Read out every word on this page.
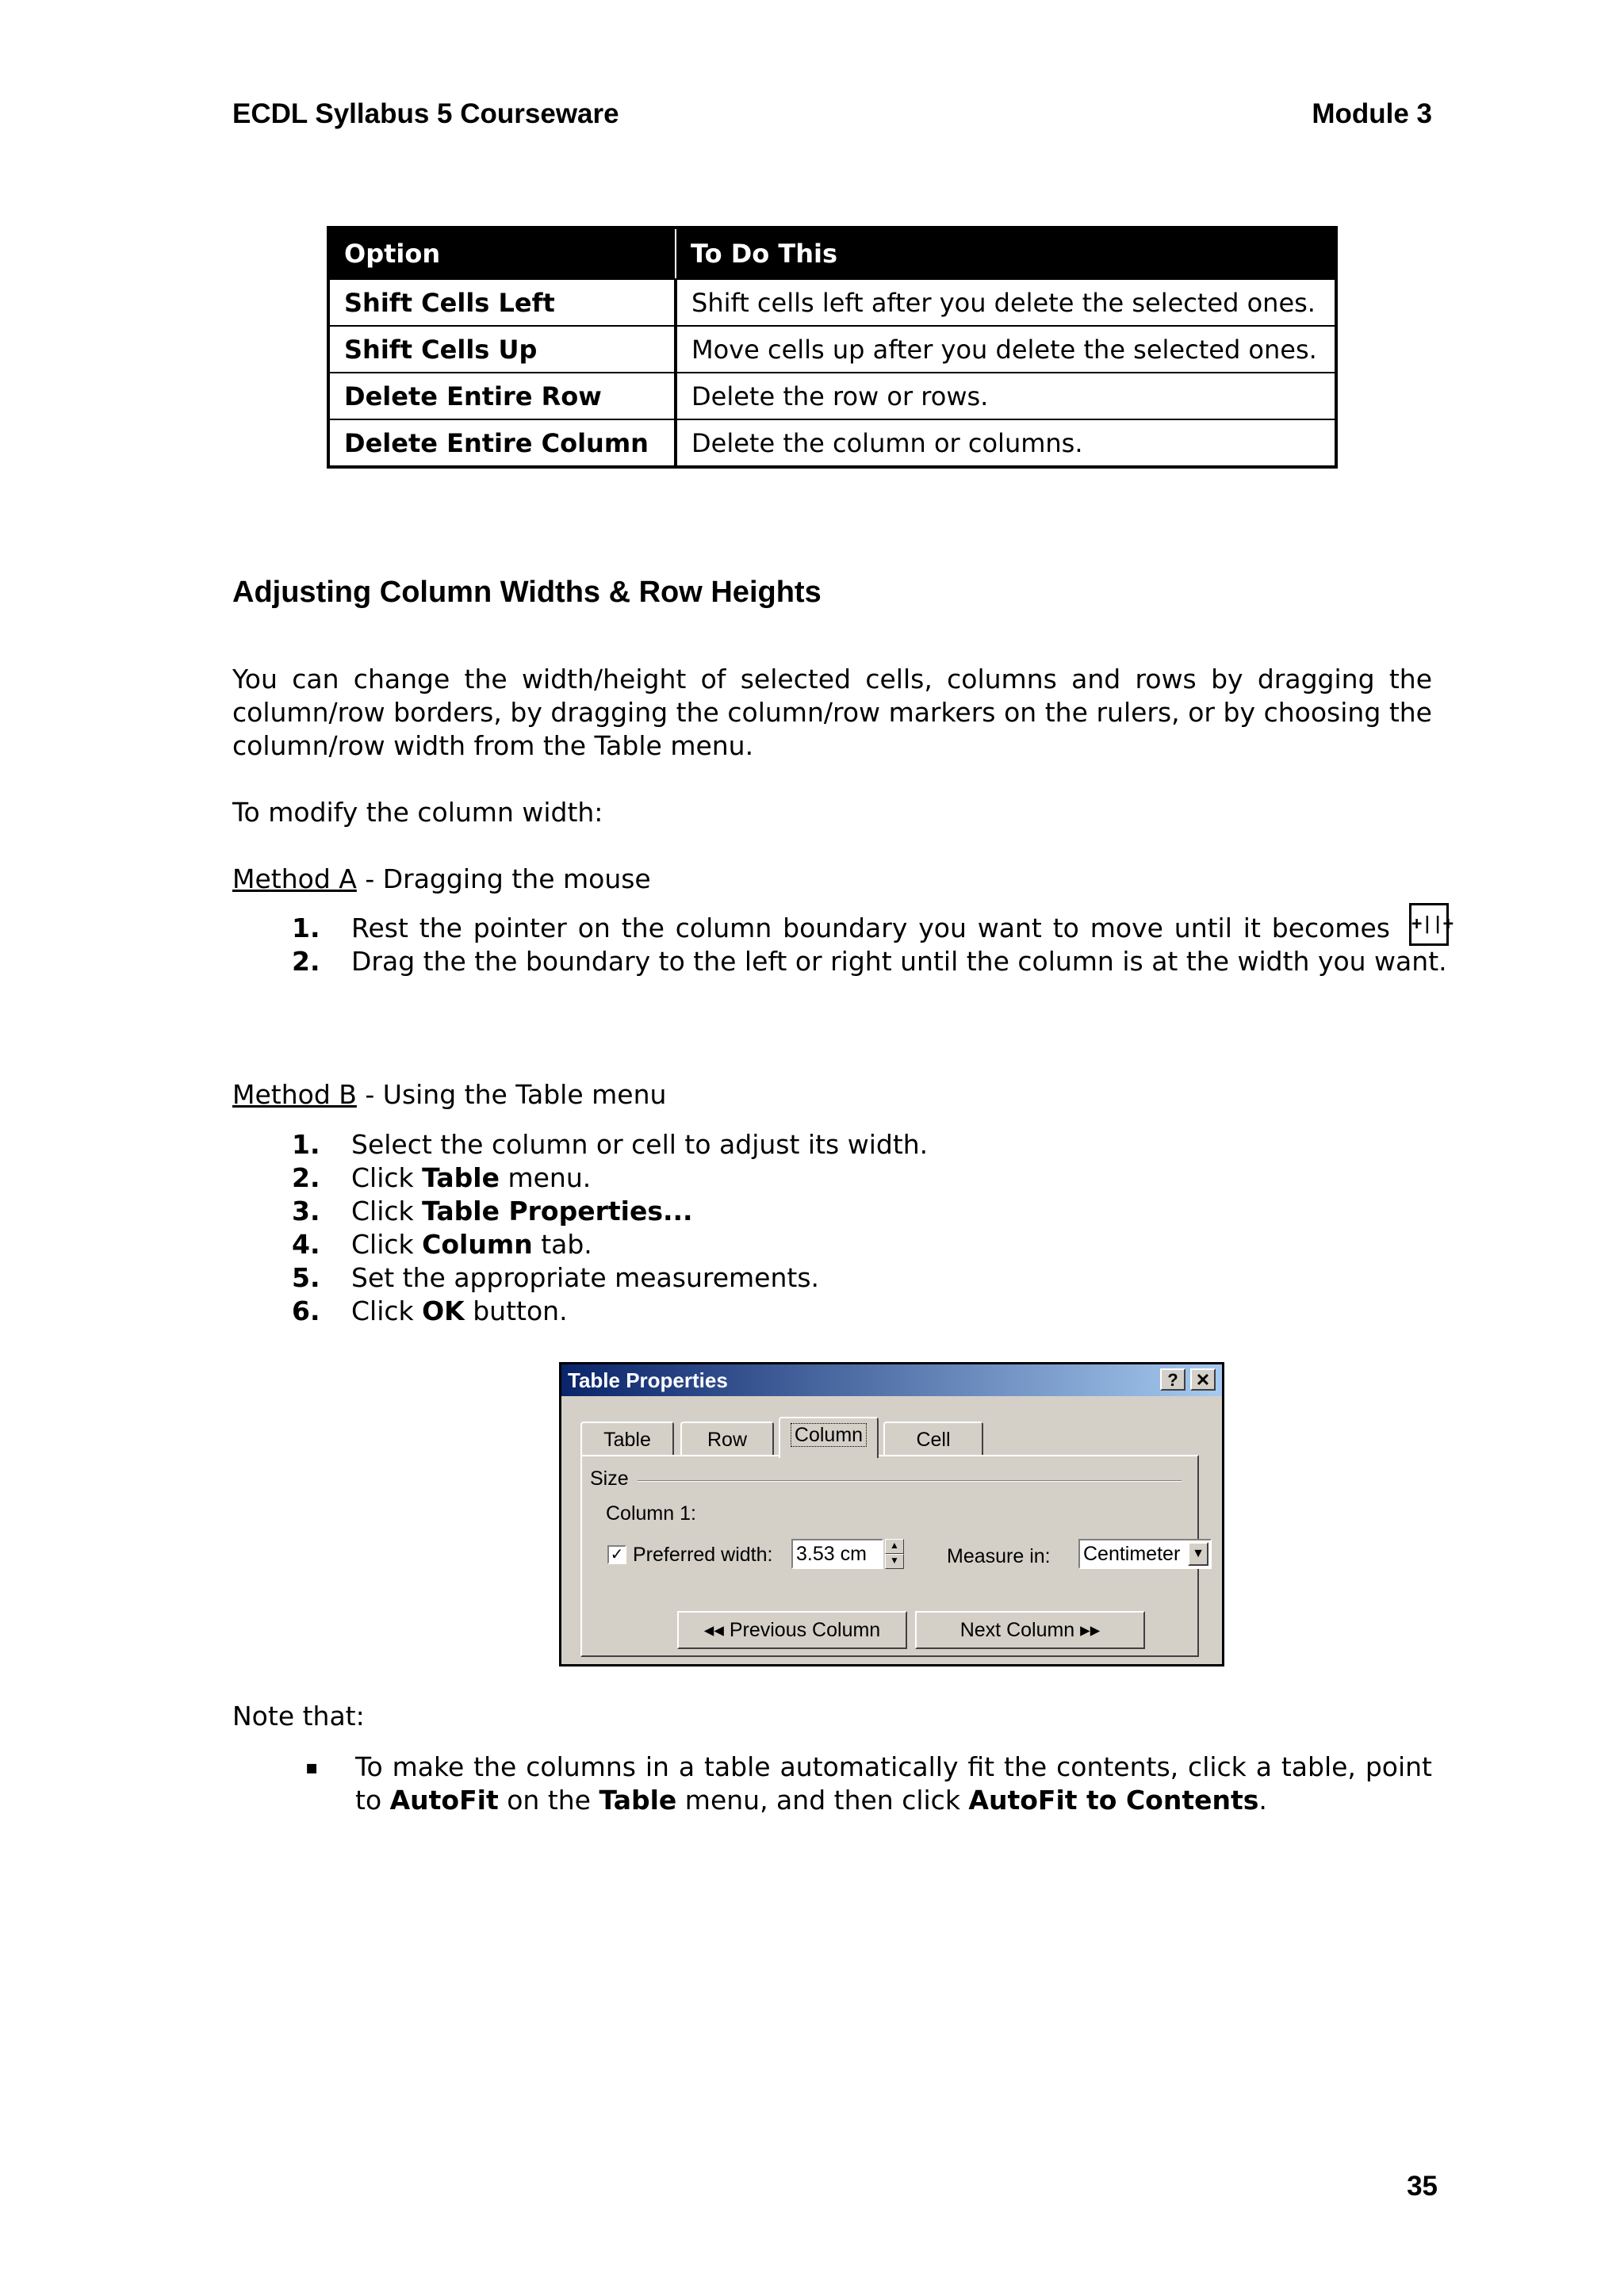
ECDL Syllabus 5 Courseware	Module 3
Option	To Do This
Shift Cells Left	Shift cells left after you delete the selected ones.
Shift Cells Up	Move cells up after you delete the selected ones.
Delete Entire Row	Delete the row or rows.
Delete Entire Column	Delete the column or columns.
Adjusting Column Widths & Row Heights

You can change the width/height of selected cells, columns and rows by dragging the column/row borders, by dragging the column/row markers on the rulers, or by choosing the column/row width from the Table menu.

To modify the column width:

Method A - Dragging the mouse

1. Rest the pointer on the column boundary you want to move until it becomes
2. Drag the the boundary to the left or right until the column is at the width you want.
+||+

Method B - Using the Table menu

1. Select the column or cell to adjust its width.
2. Click Table menu.
3. Click Table Properties...
4. Click Column tab.
5. Set the appropriate measurements.
6. Click OK button.
Table Properties	?	✕
Table	Row	Column	Cell
Size
Column 1:
✓ Preferred width: 3.53 cm	▲
▼ Measure in: Centimeter ▼
◂◂ Previous Column	Next Column ▸▸

Note that:

▪ To make the columns in a table automatically fit the contents, click a table, point to AutoFit on the Table menu, and then click AutoFit to Contents.
35
